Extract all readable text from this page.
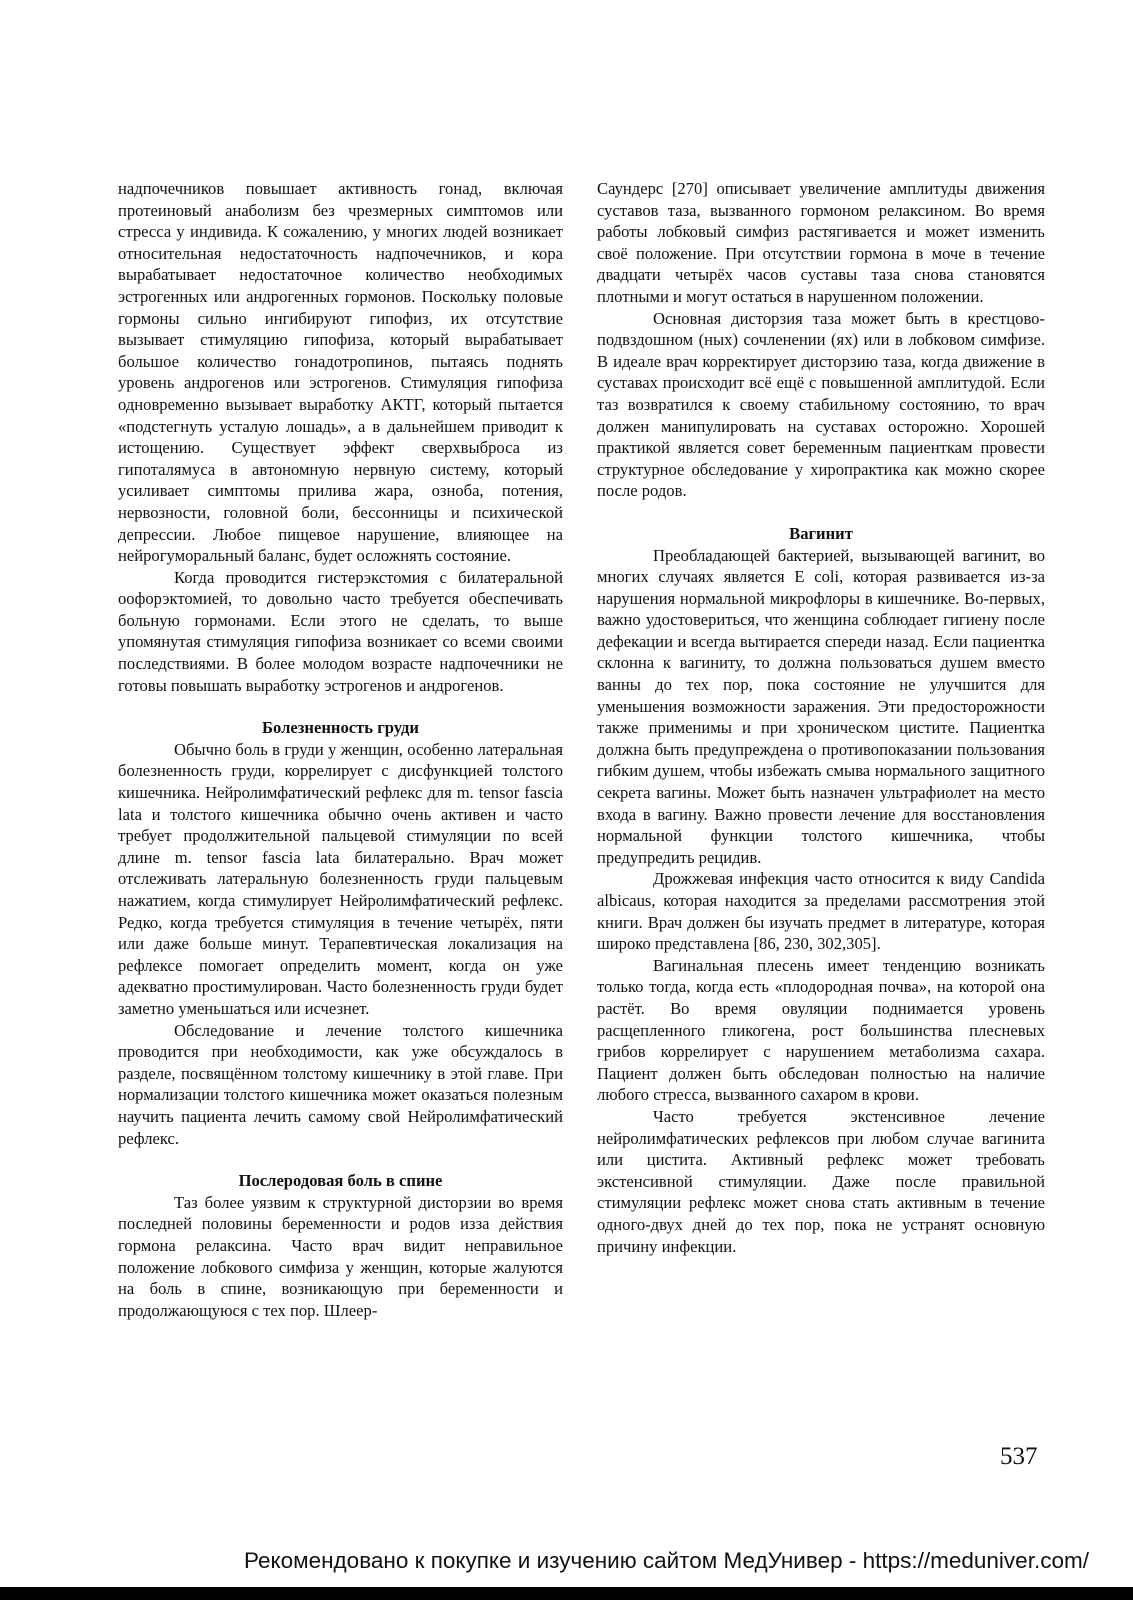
надпочечников повышает активность гонад, включая протеиновый анаболизм без чрезмерных симптомов или стресса у индивида. К сожалению, у многих людей возникает относительная недостаточность надпочечников, и кора вырабатывает недостаточное количество необходимых эстрогенных или андрогенных гормонов. Поскольку половые гормоны сильно ингибируют гипофиз, их отсутствие вызывает стимуляцию гипофиза, который вырабатывает большое количество гонадотропинов, пытаясь поднять уровень андрогенов или эстрогенов. Стимуляция гипофиза одновременно вызывает выработку АКТГ, который пытается «подстегнуть усталую лошадь», а в дальнейшем приводит к истощению. Существует эффект сверхвыброса из гипоталямуса в автономную нервную систему, который усиливает симптомы прилива жара, озноба, потения, нервозности, головной боли, бессонницы и психической депрессии. Любое пищевое нарушение, влияющее на нейрогуморальный баланс, будет осложнять состояние.

Когда проводится гистерэкстомия с билатеральной оофорэктомией, то довольно часто требуется обеспечивать больную гормонами. Если этого не сделать, то выше упомянутая стимуляция гипофиза возникает со всеми своими последствиями. В более молодом возрасте надпочечники не готовы повышать выработку эстрогенов и андрогенов.

Болезненность груди

Обычно боль в груди у женщин, особенно латеральная болезненность груди, коррелирует с дисфункцией толстого кишечника. Нейролимфатический рефлекс для m. tensor fascia lata и толстого кишечника обычно очень активен и часто требует продолжительной пальцевой стимуляции по всей длине m. tensor fascia lata билатерально. Врач может отслеживать латеральную болезненность груди пальцевым нажатием, когда стимулирует Нейролимфатический рефлекс. Редко, когда требуется стимуляция в течение четырёх, пяти или даже больше минут. Терапевтическая локализация на рефлексе помогает определить момент, когда он уже адекватно простимулирован. Часто болезненность груди будет заметно уменьшаться или исчезнет.

Обследование и лечение толстого кишечника проводится при необходимости, как уже обсуждалось в разделе, посвящённом толстому кишечнику в этой главе. При нормализации толстого кишечника может оказаться полезным научить пациента лечить самому свой Нейролимфатический рефлекс.

Послеродовая боль в спине

Таз более уязвим к структурной дисторзии во время последней половины беременности и родов изза действия гормона релаксина. Часто врач видит неправильное положение лобкового симфиза у женщин, которые жалуются на боль в спине, возникающую при беременности и продолжающуюся с тех пор. Шлеер-

Саундерс [270] описывает увеличение амплитуды движения суставов таза, вызванного гормоном релаксином. Во время работы лобковый симфиз растягивается и может изменить своё положение. При отсутствии гормона в моче в течение двадцати четырёх часов суставы таза снова становятся плотными и могут остаться в нарушенном положении.

Основная дисторзия таза может быть в крестцово-подвздошном (ных) сочленении (ях) или в лобковом симфизе. В идеале врач корректирует дисторзию таза, когда движение в суставах происходит всё ещё с повышенной амплитудой. Если таз возвратился к своему стабильному состоянию, то врач должен манипулировать на суставах осторожно. Хорошей практикой является совет беременным пациенткам провести структурное обследование у хиропрактика как можно скорее после родов.

Вагинит

Преобладающей бактерией, вызывающей вагинит, во многих случаях является E coli, которая развивается из-за нарушения нормальной микрофлоры в кишечнике. Во-первых, важно удостовериться, что женщина соблюдает гигиену после дефекации и всегда вытирается спереди назад. Если пациентка склонна к вагиниту, то должна пользоваться душем вместо ванны до тех пор, пока состояние не улучшится для уменьшения возможности заражения. Эти предосторожности также применимы и при хроническом цистите. Пациентка должна быть предупреждена о противопоказании пользования гибким душем, чтобы избежать смыва нормального защитного секрета вагины. Может быть назначен ультрафиолет на место входа в вагину. Важно провести лечение для восстановления нормальной функции толстого кишечника, чтобы предупредить рецидив.

Дрожжевая инфекция часто относится к виду Candida albicaus, которая находится за пределами рассмотрения этой книги. Врач должен бы изучать предмет в литературе, которая широко представлена [86, 230, 302,305].

Вагинальная плесень имеет тенденцию возникать только тогда, когда есть «плодородная почва», на которой она растёт. Во время овуляции поднимается уровень расщепленного гликогена, рост большинства плесневых грибов коррелирует с нарушением метаболизма сахара. Пациент должен быть обследован полностью на наличие любого стресса, вызванного сахаром в крови.

Часто требуется экстенсивное лечение нейролимфатических рефлексов при любом случае вагинита или цистита. Активный рефлекс может требовать экстенсивной стимуляции. Даже после правильной стимуляции рефлекс может снова стать активным в течение одного-двух дней до тех пор, пока не устранят основную причину инфекции.

537
Рекомендовано к покупке и изучению сайтом МедУнивер - https://meduniver.com/
